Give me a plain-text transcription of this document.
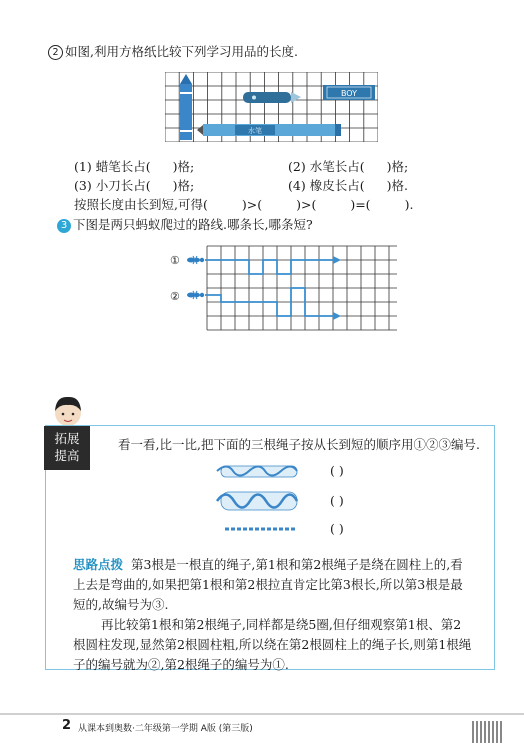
2 如图,利用方格纸比较下列学习用品的长度.
BOY
水笔
(1) 蜡笔长占( )格;	(2) 水笔长占( )格;
(3) 小刀长占( )格;	(4) 橡皮长占( )格.
按照长度由长到短,可得(	)>(	)>(	)=(	).
3 下图是两只蚂蚁爬过的路线.哪条长,哪条短?
①
②
拓展
提高
看一看,比一比,把下面的三根绳子按从长到短的顺序用①②③编号.
( )
( )
( )
思路点拨 第3根是一根直的绳子,第1根和第2根绳子是绕在圆柱上的,看上去是弯曲的,如果把第1根和第2根拉直肯定比第3根长,所以第3根是最短的,故编号为③.
再比较第1根和第2根绳子,同样都是绕5圈,但仔细观察第1根、第2根圆柱发现,显然第2根圆柱粗,所以绕在第2根圆柱上的绳子长,则第1根绳子的编号就为②,第2根绳子的编号为①.
2 从课本到奥数·二年级第一学期 A版 (第三版)
